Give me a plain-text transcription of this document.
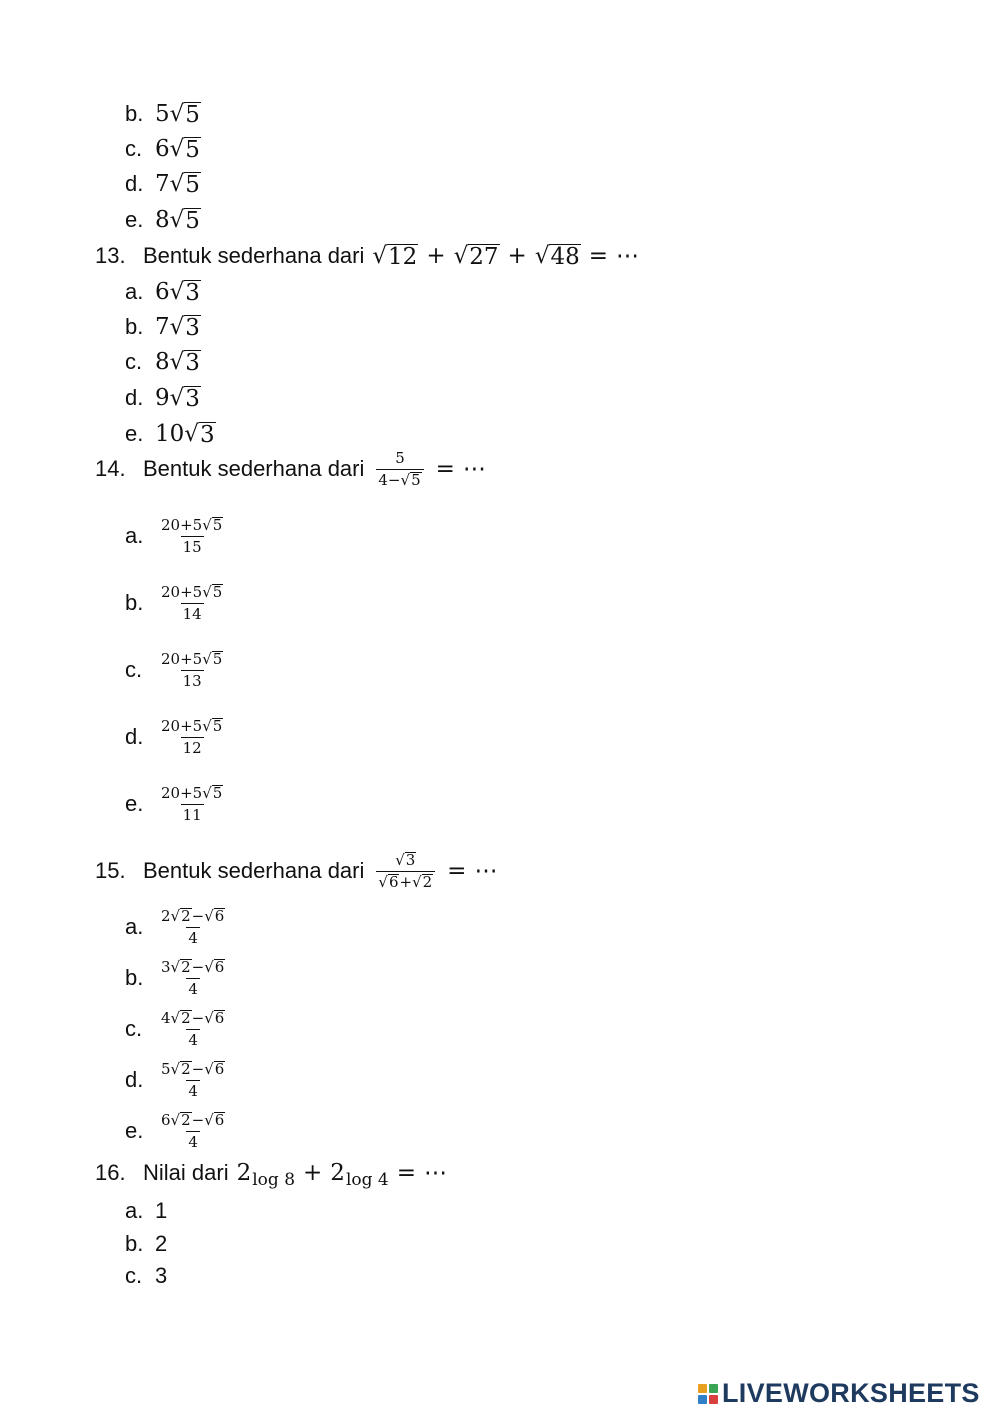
b. 5 √ 5
c. 6 √ 5
d. 7 √ 5
e. 8 √ 5
13. Bentuk sederhana dari √ 12 + √ 27 + √ 48 = ⋯
a. 6 √ 3
b. 7 √ 3
c. 8 √ 3
d. 9 √ 3
e. 10 √ 3
14. Bentuk sederhana dari $\frac{5}{4 - √ 5}$ = ⋯
a.	$\frac{20+5 √ 5}{15}$
b.	$\frac{20+5 √ 5}{14}$
c.	$\frac{20+5 √ 5}{13}$
d.	$\frac{20+5 √ 5}{12}$
e.	$\frac{20+5 √ 5}{11}$
15. Bentuk sederhana dari $\frac{√ 3}{√ 6 + √ 2}$ = ⋯
a.	$\frac{2 √ 2 - √ 6}{4}$
b.	$\frac{3 √ 2 - √ 6}{4}$
c.	$\frac{4 √ 2 - √ 6}{4}$
d.	$\frac{5 √ 2 - √ 6}{4}$
e.	$\frac{6 √ 2 - √ 6}{4}$
16. Nilai dari 2 log 8 + 2 log 4 = ⋯
a. 1
b. 2
c. 3
LIVEWORKSHEETS
